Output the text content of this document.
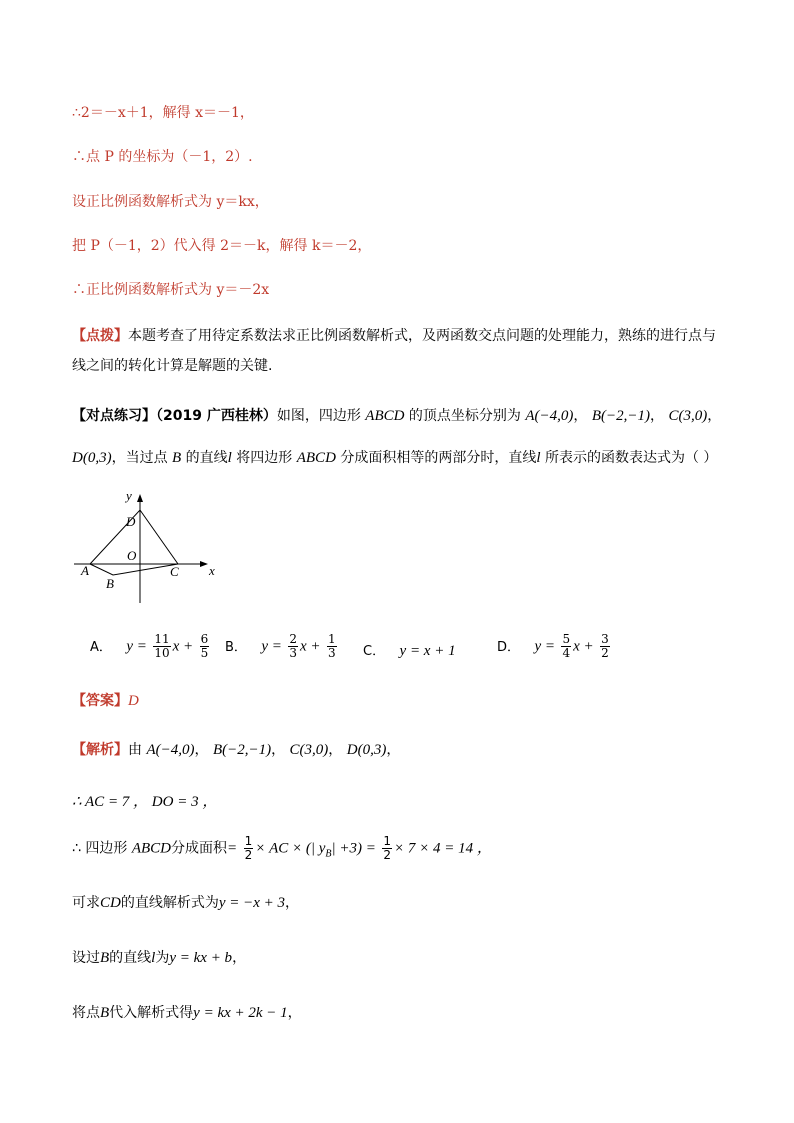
∴2＝－x＋1，解得 x＝－1，
∴点 P 的坐标为（－1，2）.
设正比例函数解析式为 y＝kx，
把 P（－1，2）代入得 2＝－k，解得 k＝－2，
∴正比例函数解析式为 y＝－2x
【点拨】本题考查了用待定系数法求正比例函数解析式，及两函数交点问题的处理能力，熟练的进行点与
线之间的转化计算是解题的关键.
【对点练习】（2019 广西桂林）如图，四边形 ABCD 的顶点坐标分别为 A(−4,0)， B(−2,−1)， C(3,0)，
D(0,3)，当过点 B 的直线l 将四边形 ABCD 分成面积相等的两部分时，直线l 所表示的函数表达式为（ ）
x
y
D
O
A
B
C
A． $y = \frac{11}{10}$ $x + \frac{6}{5}$ B． $y = \frac{2}{3}$ $x + \frac{1}{3}$ C． y = x + 1	D． $y = \frac{5}{4}$ $x + \frac{3}{2}$
【答案】D
【解析】由 A(−4,0)， B(−2,−1)， C(3,0)， D(0,3)，
∴ AC = 7 ， DO = 3 ，
∴ 四边形 ABCD分成面积= $\frac{1}{2}$ × AC × (| $y_B| +3) = \frac{1}{2} \times 7 \times 4 = 14$ ，
可求CD的直线解析式为y = −x + 3，
设过B的直线l为y = kx + b，
将点B代入解析式得y = kx + 2k − 1，
